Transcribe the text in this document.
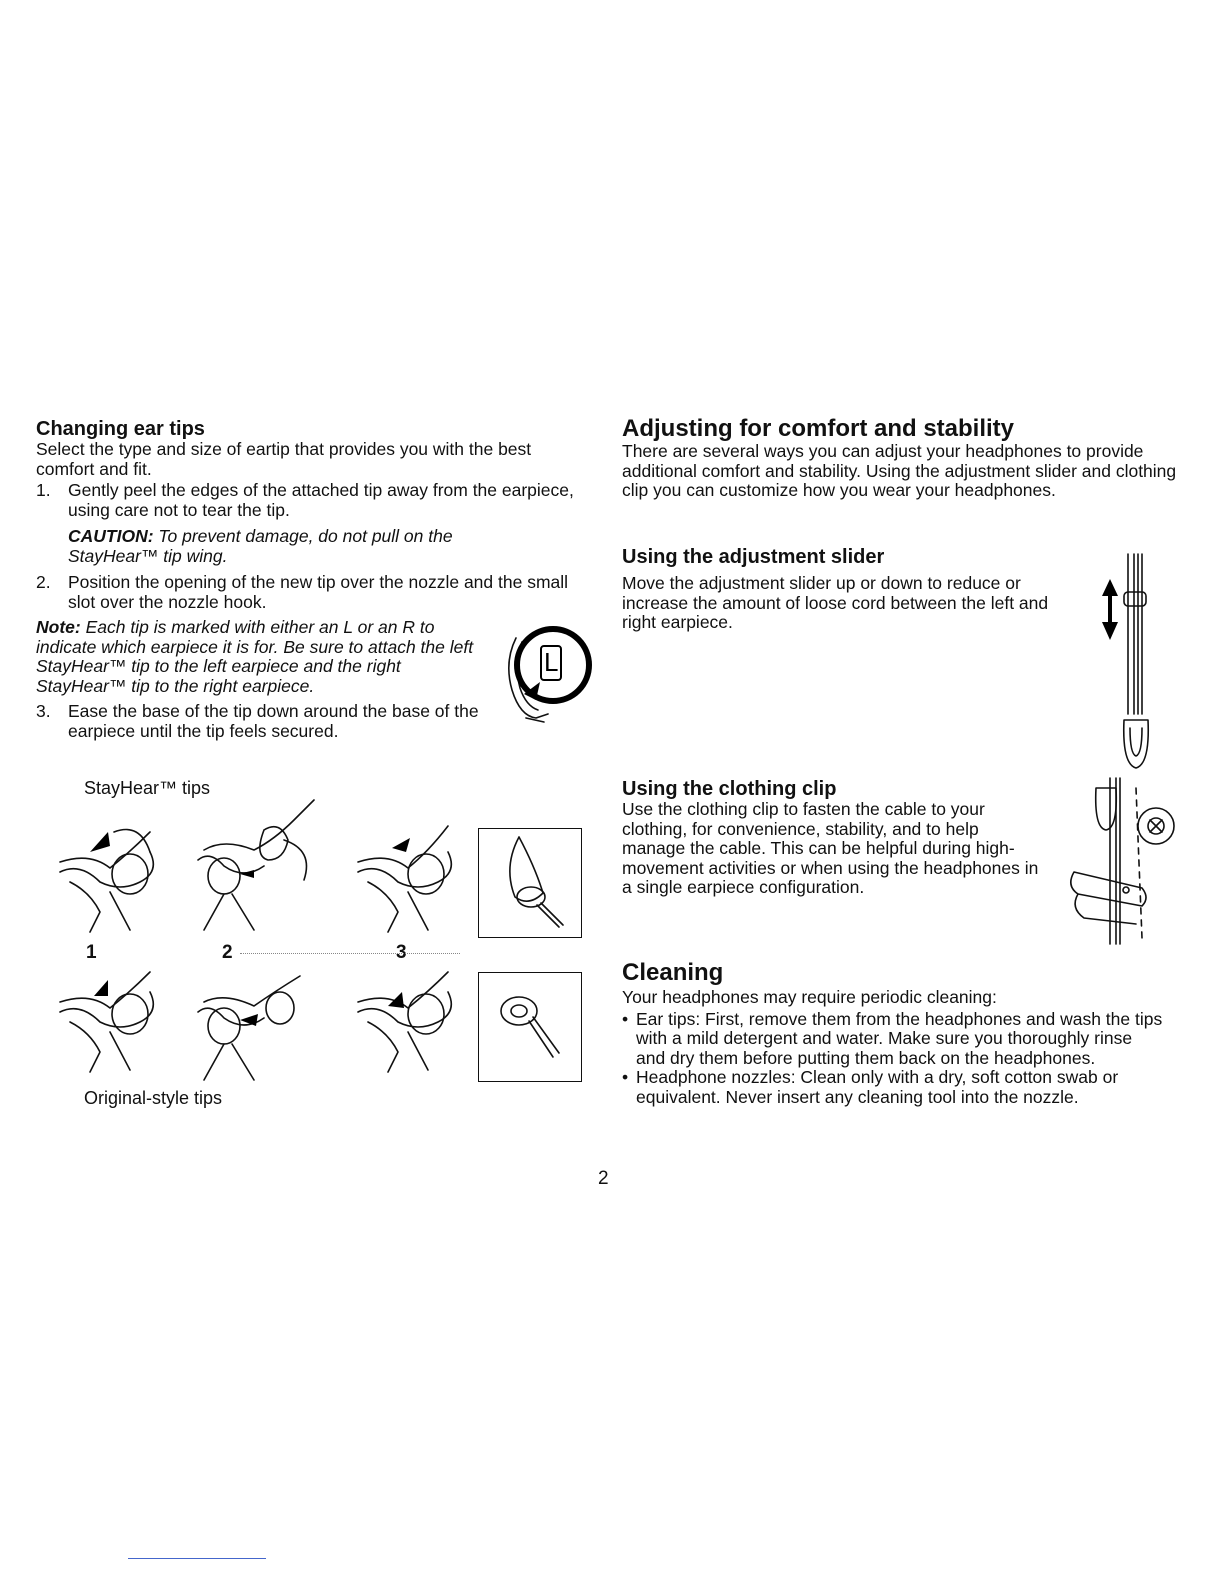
Changing ear tips

Select the type and size of eartip that provides you with the best comfort and fit.

1. Gently peel the edges of the attached tip away from the earpiece, using care not to tear the tip.
CAUTION: To prevent damage, do not pull on the StayHear™ tip wing.
2. Position the opening of the new tip over the nozzle and the small slot over the nozzle hook.
Note: Each tip is marked with either an L or an R to indicate which earpiece it is for. Be sure to attach the left StayHear™ tip to the left earpiece and the right StayHear™ tip to the right earpiece.
3. Ease the base of the tip down around the base of the earpiece until the tip feels secured.
L
StayHear™ tips
Original-style tips
1	2	3
Adjusting for comfort and stability

There are several ways you can adjust your headphones to provide additional comfort and stability. Using the adjustment slider and clothing clip you can customize how you wear your headphones.

Using the adjustment slider

Move the adjustment slider up or down to reduce or increase the amount of loose cord between the left and right earpiece.

Using the clothing clip

Use the clothing clip to fasten the cable to your clothing, for convenience, stability, and to help manage the cable. This can be helpful during high-movement activities or when using the headphones in a single earpiece configuration.

Cleaning

Your headphones may require periodic cleaning:

• Ear tips: First, remove them from the headphones and wash the tips with a mild detergent and water. Make sure you thoroughly rinse and dry them before putting them back on the headphones.
• Headphone nozzles: Clean only with a dry, soft cotton swab or equivalent. Never insert any cleaning tool into the nozzle.
2
